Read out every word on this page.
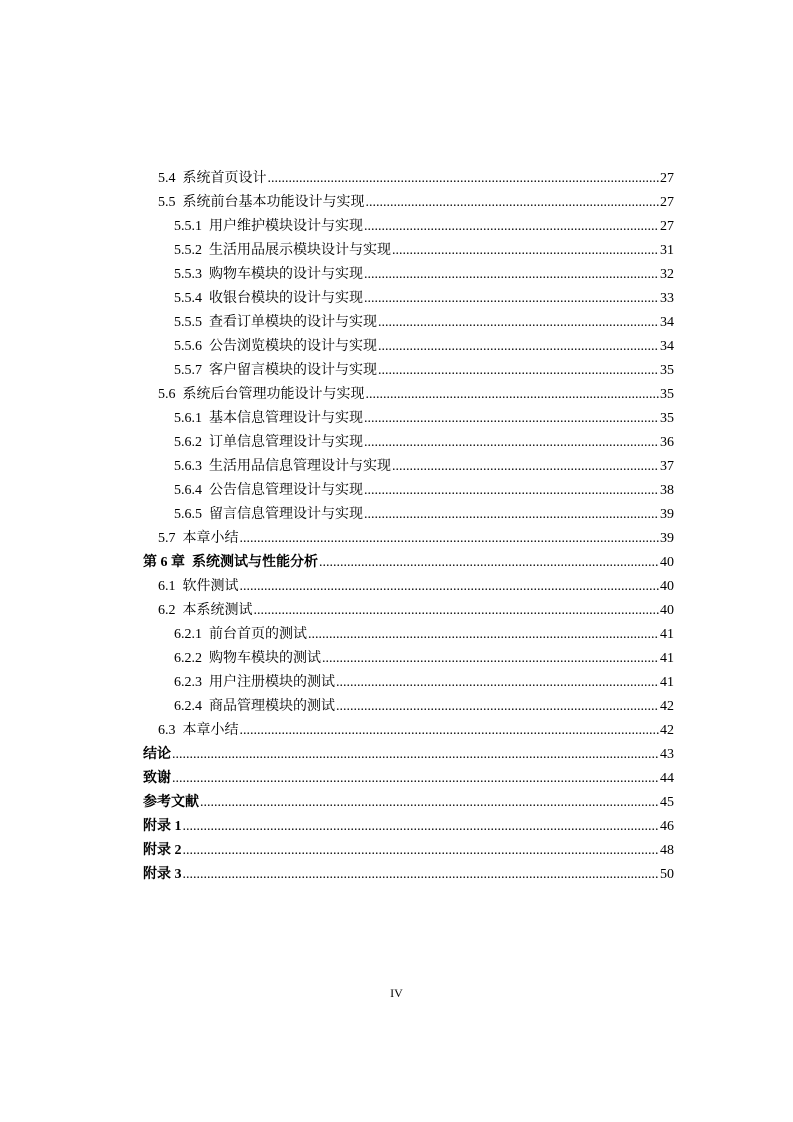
5.4 系统首页设计 .....	27
5.5 系统前台基本功能设计与实现 .....	27
5.5.1 用户维护模块设计与实现 .....	27
5.5.2 生活用品展示模块设计与实现 .....	31
5.5.3 购物车模块的设计与实现 .....	32
5.5.4 收银台模块的设计与实现 .....	33
5.5.5 查看订单模块的设计与实现 .....	34
5.5.6 公告浏览模块的设计与实现 .....	34
5.5.7 客户留言模块的设计与实现 .....	35
5.6 系统后台管理功能设计与实现 .....	35
5.6.1 基本信息管理设计与实现 .....	35
5.6.2 订单信息管理设计与实现 .....	36
5.6.3 生活用品信息管理设计与实现 .....	37
5.6.4 公告信息管理设计与实现 .....	38
5.6.5 留言信息管理设计与实现 .....	39
5.7 本章小结 .....	39
第 6 章 系统测试与性能分析 .....	40
6.1 软件测试 .....	40
6.2 本系统测试 .....	40
6.2.1 前台首页的测试 .....	41
6.2.2 购物车模块的测试 .....	41
6.2.3 用户注册模块的测试 .....	41
6.2.4 商品管理模块的测试 .....	42
6.3 本章小结 .....	42
结论 .....	43
致谢 .....	44
参考文献 .....	45
附录 1 .....	46
附录 2 .....	48
附录 3 .....	50
IV
